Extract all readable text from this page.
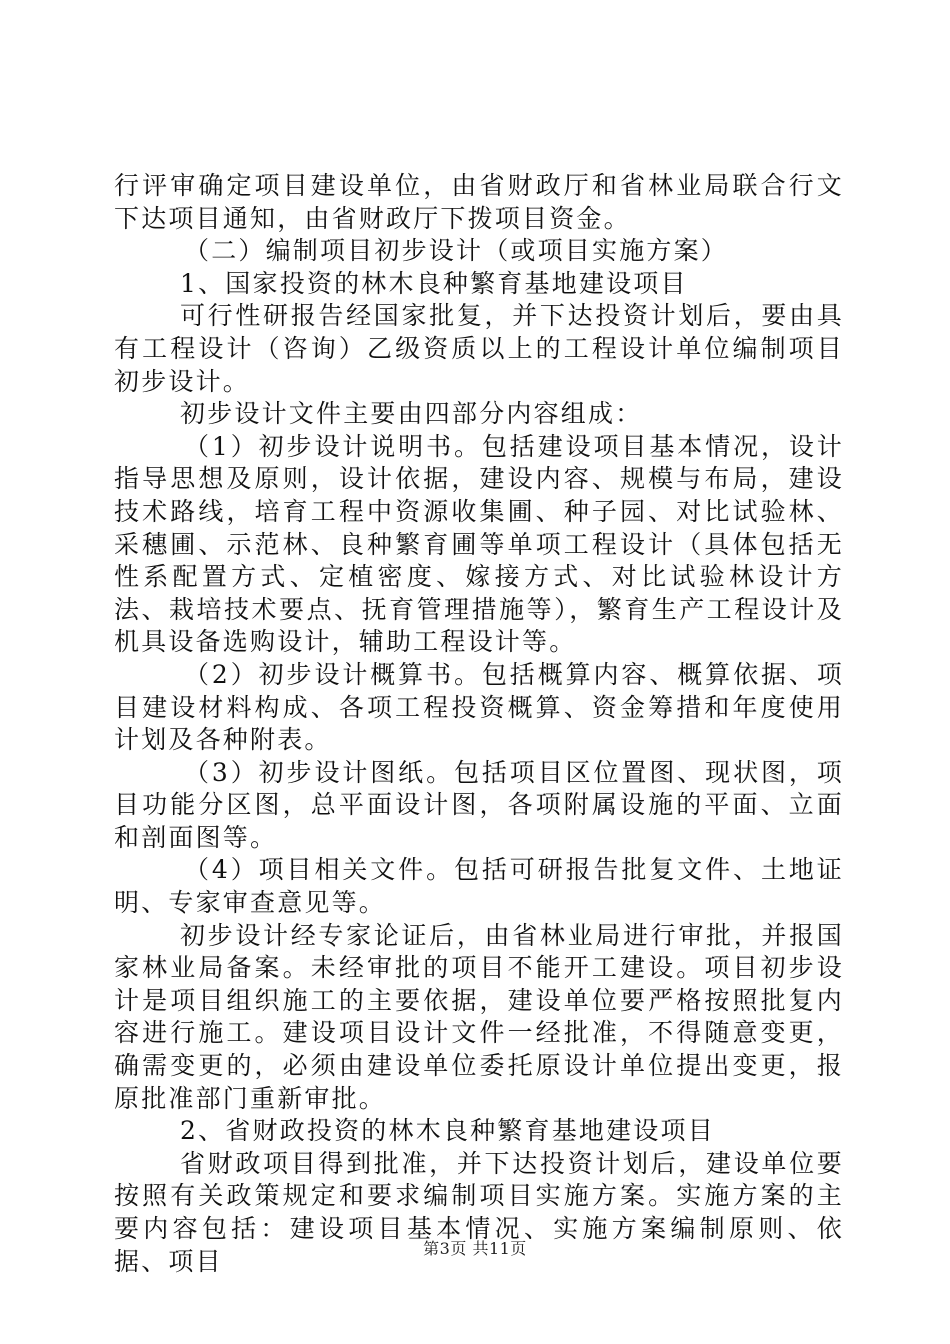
行评审确定项目建设单位，由省财政厅和省林业局联合行文下达项目通知，由省财政厅下拨项目资金。

（二）编制项目初步设计（或项目实施方案）

1、国家投资的林木良种繁育基地建设项目

可行性研报告经国家批复，并下达投资计划后，要由具有工程设计（咨询）乙级资质以上的工程设计单位编制项目初步设计。

初步设计文件主要由四部分内容组成：

（1）初步设计说明书。包括建设项目基本情况，设计指导思想及原则，设计依据，建设内容、规模与布局，建设技术路线，培育工程中资源收集圃、种子园、对比试验林、采穗圃、示范林、良种繁育圃等单项工程设计（具体包括无性系配置方式、定植密度、嫁接方式、对比试验林设计方法、栽培技术要点、抚育管理措施等），繁育生产工程设计及机具设备选购设计，辅助工程设计等。

（2）初步设计概算书。包括概算内容、概算依据、项目建设材料构成、各项工程投资概算、资金筹措和年度使用计划及各种附表。

（3）初步设计图纸。包括项目区位置图、现状图，项目功能分区图，总平面设计图，各项附属设施的平面、立面和剖面图等。

（4）项目相关文件。包括可研报告批复文件、土地证明、专家审查意见等。

初步设计经专家论证后，由省林业局进行审批，并报国家林业局备案。未经审批的项目不能开工建设。项目初步设计是项目组织施工的主要依据，建设单位要严格按照批复内容进行施工。建设项目设计文件一经批准，不得随意变更，确需变更的，必须由建设单位委托原设计单位提出变更，报原批准部门重新审批。

2、省财政投资的林木良种繁育基地建设项目

省财政项目得到批准，并下达投资计划后，建设单位要按照有关政策规定和要求编制项目实施方案。实施方案的主要内容包括：建设项目基本情况、实施方案编制原则、依据、项目	第3页 共11页
